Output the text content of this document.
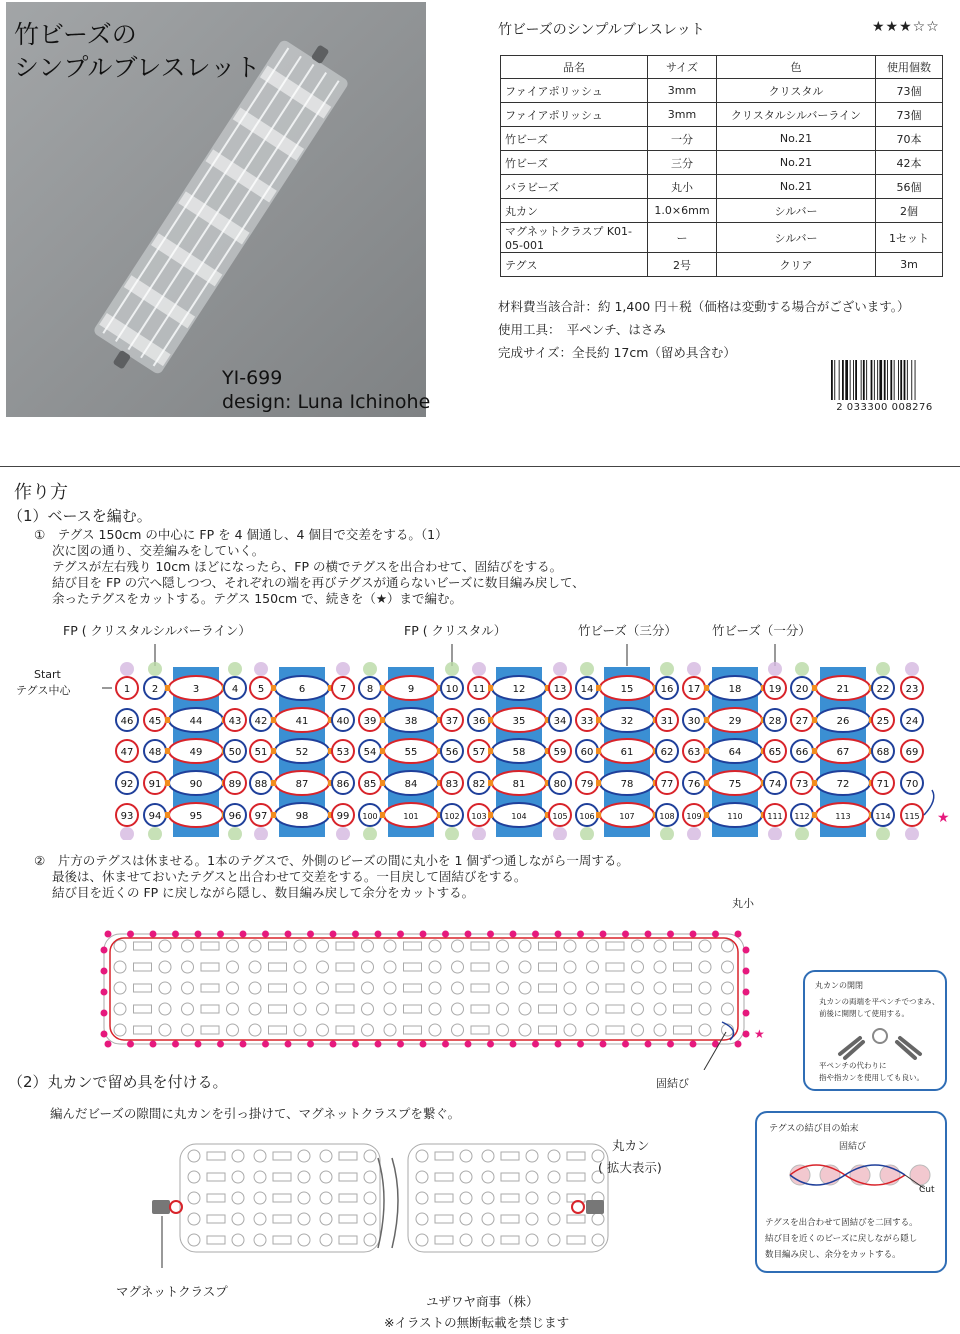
竹ビーズの
シンプルブレスレット
YI-699
design: Luna Ichinohe
竹ビーズのシンプルブレスレット	★★★☆☆
品名	サイズ	色	使用個数
ファイアポリッシュ	3mm	クリスタル	73個
ファイアポリッシュ	3mm	クリスタルシルバーライン	73個
竹ビーズ	一分	No.21	70本
竹ビーズ	三分	No.21	42本
バラビーズ	丸小	No.21	56個
丸カン	1.0×6mm	シルバー	2個
マグネットクラスプ K01-05-001	ー	シルバー	1セット
テグス	2号	クリア	3m
材料費当該合計：約 1,400 円＋税（価格は変動する場合がございます。）
使用工具：　平ペンチ、はさみ
完成サイズ：全長約 17cm（留め具含む）
2 033300 008276
作り方
（1）ベースを編む。
①　テグス 150cm の中心に FP を 4 個通し、4 個目で交差をする。（1）
次に図の通り、交差編みをしていく。
テグスが左右残り 10cm ほどになったら、FP の横でテグスを出合わせて、固結びをする。
結び目を FP の穴へ隠しつつ、それぞれの端を再びテグスが通らないビーズに数目編み戻して、
余ったテグスをカットする。テグス 150cm で、続きを（★）まで編む。
FP ( クリスタルシルバーライン）	FP ( クリスタル）	竹ビーズ（三分）	竹ビーズ（一分）
Start
テグス中心	1 2	3	4 5	6	7 8	9	10 11	12	13 14	15	16 17	18	19 20	21	22 23
46 45	44	43 42	41	40 39	38	37 36	35	34 33	32	31 30	29	28 27	26	25 24
47 48	49	50 51	52	53 54	55	56 57	58	59 60	61	62 63	64	65 66	67	68 69
92 91	90	89 88	87	86 85	84	83 82	81	80 79	78	77 76	75	74 73	72	71 70
93 94	95	96 97	98	99 100	101	102 103	104	105 106	107	108 109	110	111 112	113	114 115 ★
②　片方のテグスは休ませる。1本のテグスで、外側のビーズの間に丸小を 1 個ずつ通しながら一周する。
最後は、休ませておいたテグスと出合わせて交差をする。一目戻して固結びをする。
結び目を近くの FP に戻しながら隠し、数目編み戻して余分をカットする。
丸小
★
固結び
（2）丸カンで留め具を付ける。
編んだビーズの隙間に丸カンを引っ掛けて、マグネットクラスプを繋ぐ。
丸カン
( 拡大表示)
マグネットクラスプ
ユザワヤ商事（株）
※イラストの無断転載を禁じます
丸カンの開閉
丸カンの両端を平ペンチでつまみ、
前後に開閉して使用する。
平ペンチの代わりに
指や指カンを使用しても良い。
テグスの結び目の始末
固結び
Cut
テグスを出合わせて固結びを二回する。
結び目を近くのビーズに戻しながら隠し
数目編み戻し、余分をカットする。
